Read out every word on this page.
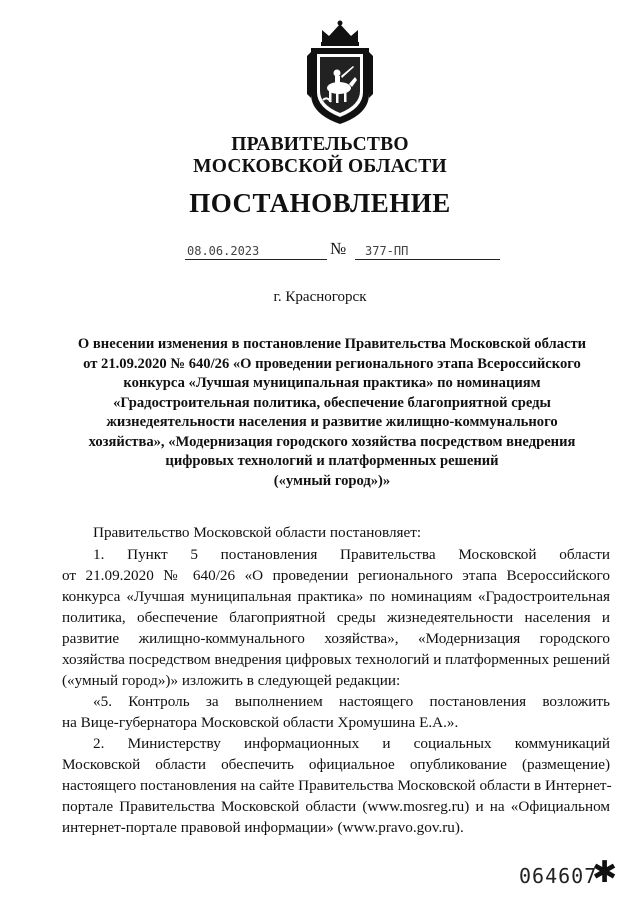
ПРАВИТЕЛЬСТВО
МОСКОВСКОЙ ОБЛАСТИ
ПОСТАНОВЛЕНИЕ
08.06.2023	№	377-ПП
г. Красногорск
О внесении изменения в постановление Правительства Московской области
от 21.09.2020 № 640/26 «О проведении регионального этапа Всероссийского
конкурса «Лучшая муниципальная практика» по номинациям
«Градостроительная политика, обеспечение благоприятной среды
жизнедеятельности населения и развитие жилищно-коммунального
хозяйства», «Модернизация городского хозяйства посредством внедрения
цифровых технологий и платформенных решений
(«умный город»)»
Правительство Московской области постановляет:
1. Пункт 5 постановления Правительства Московской области
от 21.09.2020 № 640/26 «О проведении регионального этапа Всероссийского
конкурса «Лучшая муниципальная практика» по номинациям «Градостроительная
политика, обеспечение благоприятной среды жизнедеятельности населения и
развитие жилищно-коммунального хозяйства», «Модернизация городского
хозяйства посредством внедрения цифровых технологий и платформенных решений
(«умный город»)» изложить в следующей редакции:
«5. Контроль за выполнением настоящего постановления возложить
на Вице-губернатора Московской области Хромушина Е.А.».
2. Министерству информационных и социальных коммуникаций
Московской области обеспечить официальное опубликование (размещение)
настоящего постановления на сайте Правительства Московской области в Интернет-
портале Правительства Московской области (www.mosreg.ru) и на «Официальном
интернет-портале правовой информации» (www.pravo.gov.ru).
064607
✱
